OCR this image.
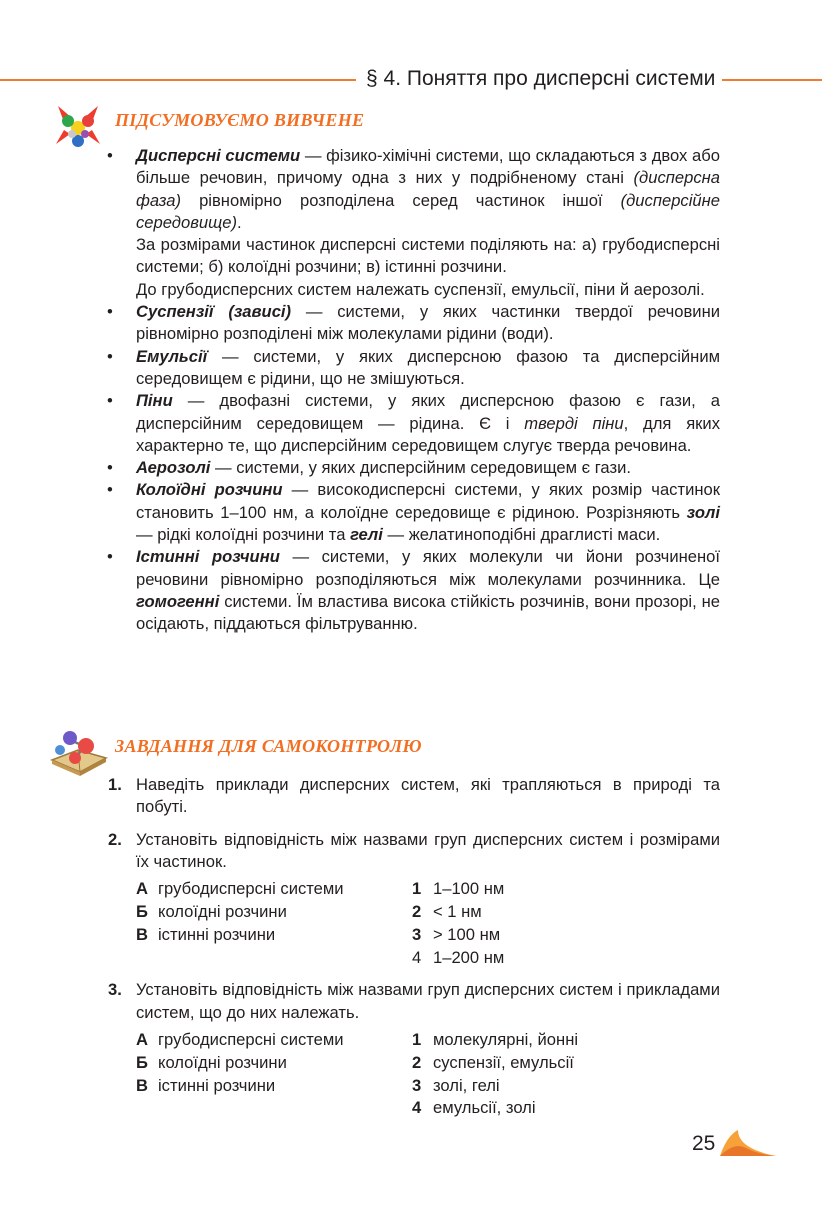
§ 4. Поняття про дисперсні системи
ПІДСУМОВУЄМО ВИВЧЕНЕ
• Дисперсні системи — фізико-хімічні системи, що складаються з двох або більше речовин, причому одна з них у подрібненому стані (дисперсна фаза) рівномірно розподілена серед частинок іншої (дисперсійне середовище).

За розмірами частинок дисперсні системи поділяють на: а) грубодисперсні системи; б) колоїдні розчини; в) істинні розчини.

До грубодисперсних систем належать суспензії, емульсії, піни й аерозолі.

• Суспензії (зависі) — системи, у яких частинки твердої речовини рівномірно розподілені між молекулами рідини (води).

• Емульсії — системи, у яких дисперсною фазою та дисперсійним середовищем є рідини, що не змішуються.

• Піни — двофазні системи, у яких дисперсною фазою є гази, а дисперсійним середовищем — рідина. Є і тверді піни, для яких характерно те, що дисперсійним середовищем слугує тверда речовина.

• Аерозолі — системи, у яких дисперсійним середовищем є гази.

• Колоїдні розчини — високодисперсні системи, у яких розмір частинок становить 1–100 нм, а колоїдне середовище є рідиною. Розрізняють золі — рідкі колоїдні розчини та гелі — желатиноподібні драглисті маси.

• Істинні розчини — системи, у яких молекули чи йони розчиненої речовини рівномірно розподіляються між молекулами розчинника. Це гомогенні системи. Їм властива висока стійкість розчинів, вони прозорі, не осідають, піддаються фільтруванню.

ЗАВДАННЯ ДЛЯ САМОКОНТРОЛЮ
1. Наведіть приклади дисперсних систем, які трапляються в природі та побуті.
2. Установіть відповідність між назвами груп дисперсних систем і розмірами їх частинок.
А грубодисперсні системи	1 1–100 нм
Б колоїдні розчини	2 < 1 нм
В істинні розчини	3 > 100 нм
4 1–200 нм
3. Установіть відповідність між назвами груп дисперсних систем і прикладами систем, що до них належать.
А грубодисперсні системи	1 молекулярні, йонні
Б колоїдні розчини	2 суспензії, емульсії
В істинні розчини	3 золі, гелі
4 емульсії, золі
25
